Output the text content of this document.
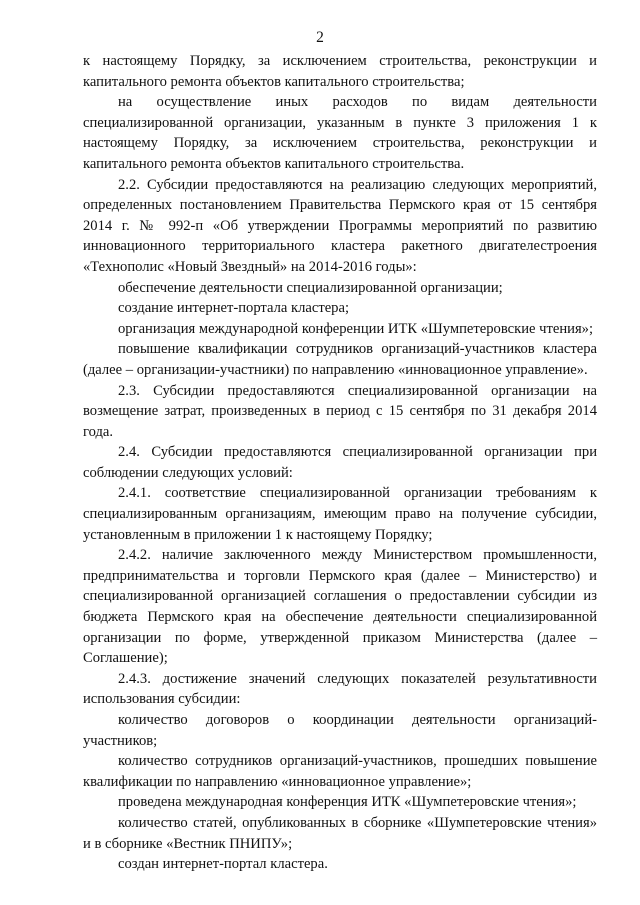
2

к настоящему Порядку, за исключением строительства, реконструкции и капитального ремонта объектов капитального строительства;

на осуществление иных расходов по видам деятельности специализированной организации, указанным в пункте 3 приложения 1 к настоящему Порядку, за исключением строительства, реконструкции и капитального ремонта объектов капитального строительства.

2.2. Субсидии предоставляются на реализацию следующих мероприятий, определенных постановлением Правительства Пермского края от 15 сентября 2014 г. № 992-п «Об утверждении Программы мероприятий по развитию инновационного территориального кластера ракетного двигателестроения «Технополис «Новый Звездный» на 2014-2016 годы»:

обеспечение деятельности специализированной организации;

создание интернет-портала кластера;

организация международной конференции ИТК «Шумпетеровские чтения»;

повышение квалификации сотрудников организаций-участников кластера (далее – организации-участники) по направлению «инновационное управление».

2.3. Субсидии предоставляются специализированной организации на возмещение затрат, произведенных в период с 15 сентября по 31 декабря 2014 года.

2.4. Субсидии предоставляются специализированной организации при соблюдении следующих условий:

2.4.1. соответствие специализированной организации требованиям к специализированным организациям, имеющим право на получение субсидии, установленным в приложении 1 к настоящему Порядку;

2.4.2. наличие заключенного между Министерством промышленности, предпринимательства и торговли Пермского края (далее – Министерство) и специализированной организацией соглашения о предоставлении субсидии из бюджета Пермского края на обеспечение деятельности специализированной организации по форме, утвержденной приказом Министерства (далее – Соглашение);

2.4.3. достижение значений следующих показателей результативности использования субсидии:

количество договоров о координации деятельности организаций-участников;

количество сотрудников организаций-участников, прошедших повышение квалификации по направлению «инновационное управление»;

проведена международная конференция ИТК «Шумпетеровские чтения»;

количество статей, опубликованных в сборнике «Шумпетеровские чтения» и в сборнике «Вестник ПНИПУ»;

создан интернет-портал кластера.
